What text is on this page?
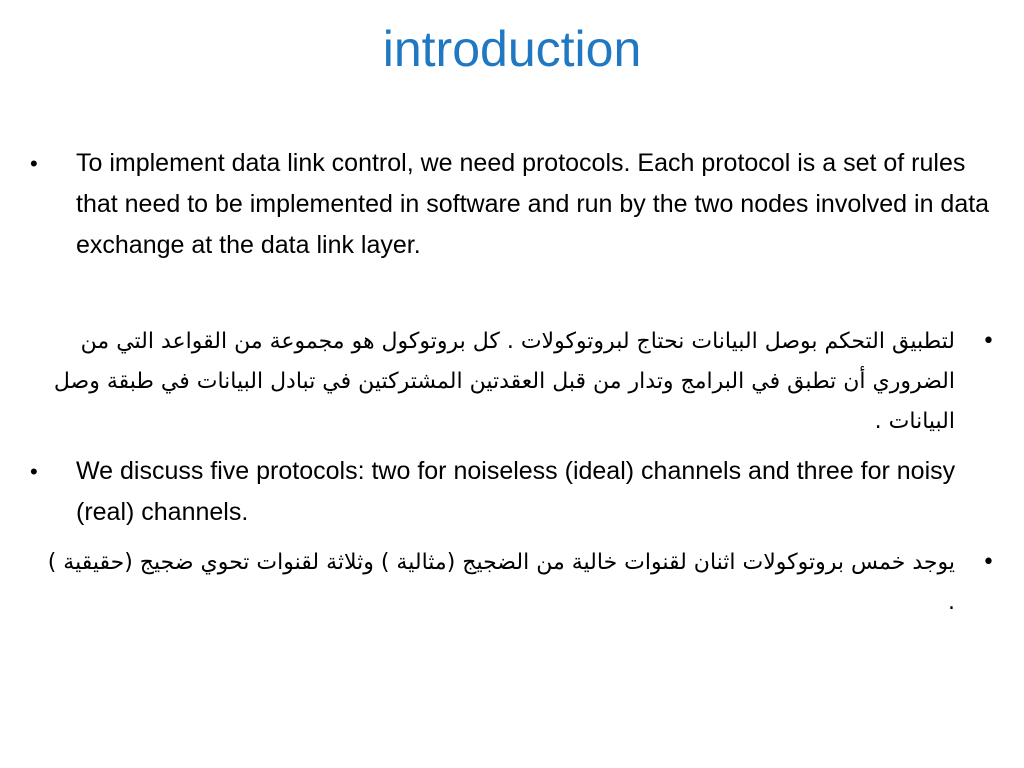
introduction
• To implement data link control, we need protocols. Each protocol is a set of rules that need to be implemented in software and run by the two nodes involved in data exchange at the data link layer.
•
لتطبيق التحكم بوصل البيانات نحتاج لبروتوكولات . كل بروتوكول هو مجموعة من القواعد التي من الضروري أن تطبق في البرامج وتدار من قبل العقدتين المشتركتين في تبادل البيانات في طبقة وصل البيانات .
• We discuss five protocols: two for noiseless (ideal) channels and three for noisy (real) channels.
•
يوجد خمس بروتوكولات اثنان لقنوات خالية من الضجيج (مثالية ) وثلاثة لقنوات تحوي ضجيج (حقيقية ) .
